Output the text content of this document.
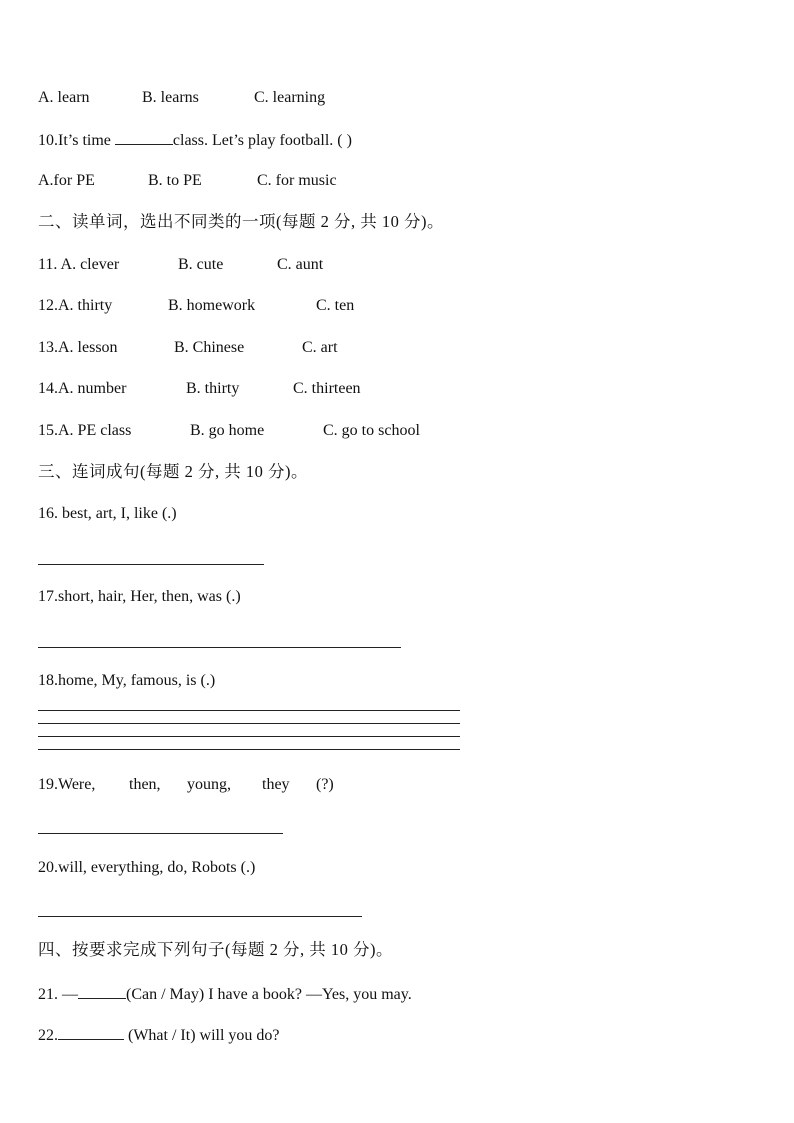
A. learn	B. learns	C. learning
10.It’s time	class. Let’s play football. ( )
A.for PE	B. to PE	C. for music
二、读单词，选出不同类的一项(每题 2 分, 共 10 分)。
11. A. clever	B. cute	C. aunt
12.A. thirty	B. homework	C. ten
13.A. lesson	B. Chinese	C. art
14.A. number	B. thirty	C. thirteen
15.A. PE class	B. go home	C. go to school
三、连词成句(每题 2 分, 共 10 分)。
16. best, art, I, like (.)
17.short, hair, Her, then, was (.)
18.home, My, famous, is (.)
19.Were, then, young, they (?)
20.will, everything, do, Robots (.)
四、按要求完成下列句子(每题 2 分, 共 10 分)。
21. —	(Can / May) I have a book? —Yes, you may.
22.	(What / It) will you do?
